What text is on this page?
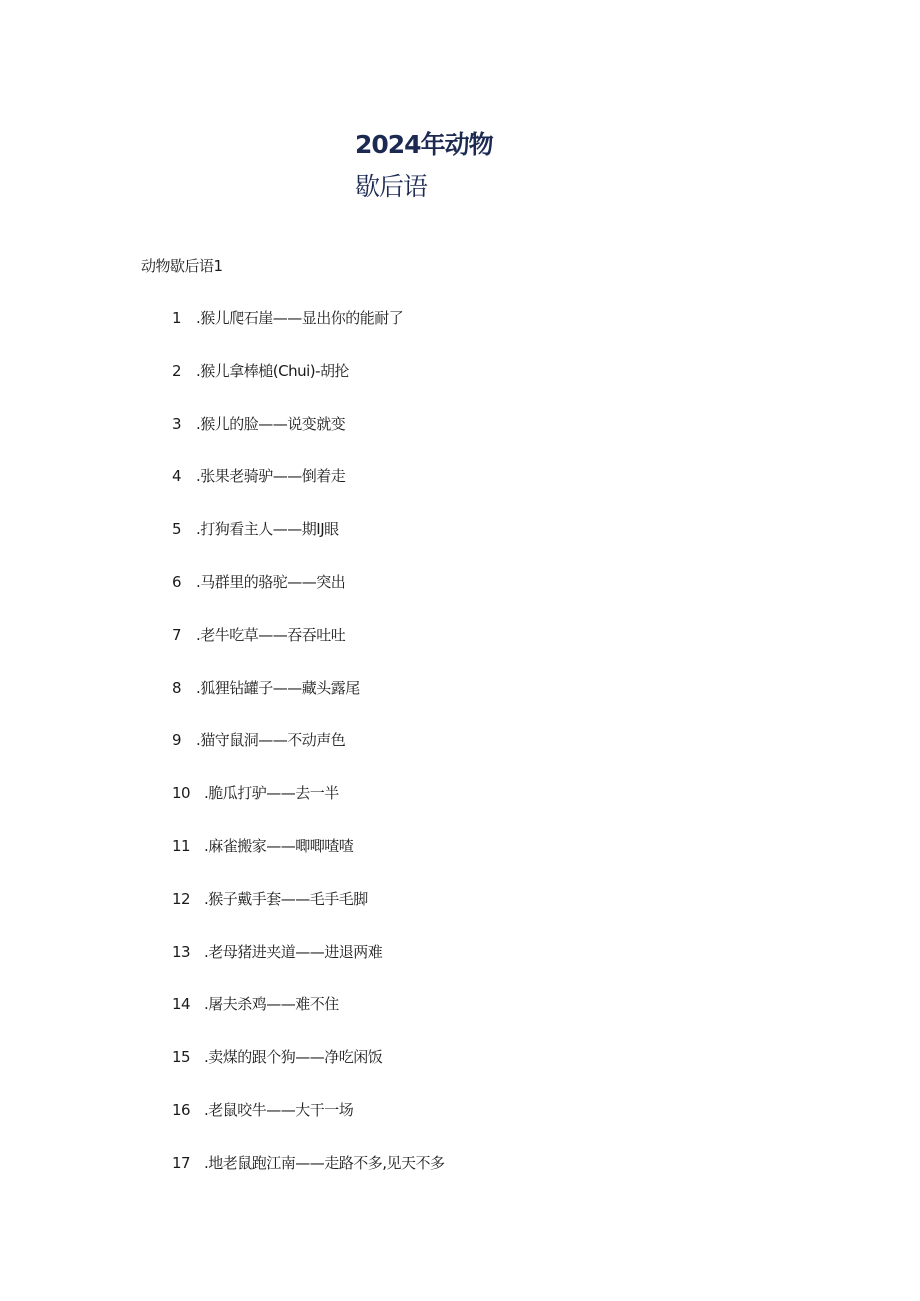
2024年动物
歇后语
动物歇后语1
1 .猴儿爬石崖——显出你的能耐了
2 .猴儿拿棒槌(Chui)-胡抡
3 .猴儿的脸——说变就变
4 .张果老骑驴——倒着走
5 .打狗看主人——期IJ眼
6 .马群里的骆驼——突出
7 .老牛吃草——吞吞吐吐
8 .狐狸钻罐子——藏头露尾
9 .猫守鼠洞——不动声色
10 .脆瓜打驴——去一半
11 .麻雀搬家——唧唧喳喳
12 .猴子戴手套——毛手毛脚
13 .老母猪进夹道——进退两难
14 .屠夫杀鸡——难不住
15 .卖煤的跟个狗——净吃闲饭
16 .老鼠咬牛——大干一场
17 .地老鼠跑江南——走路不多,见天不多
